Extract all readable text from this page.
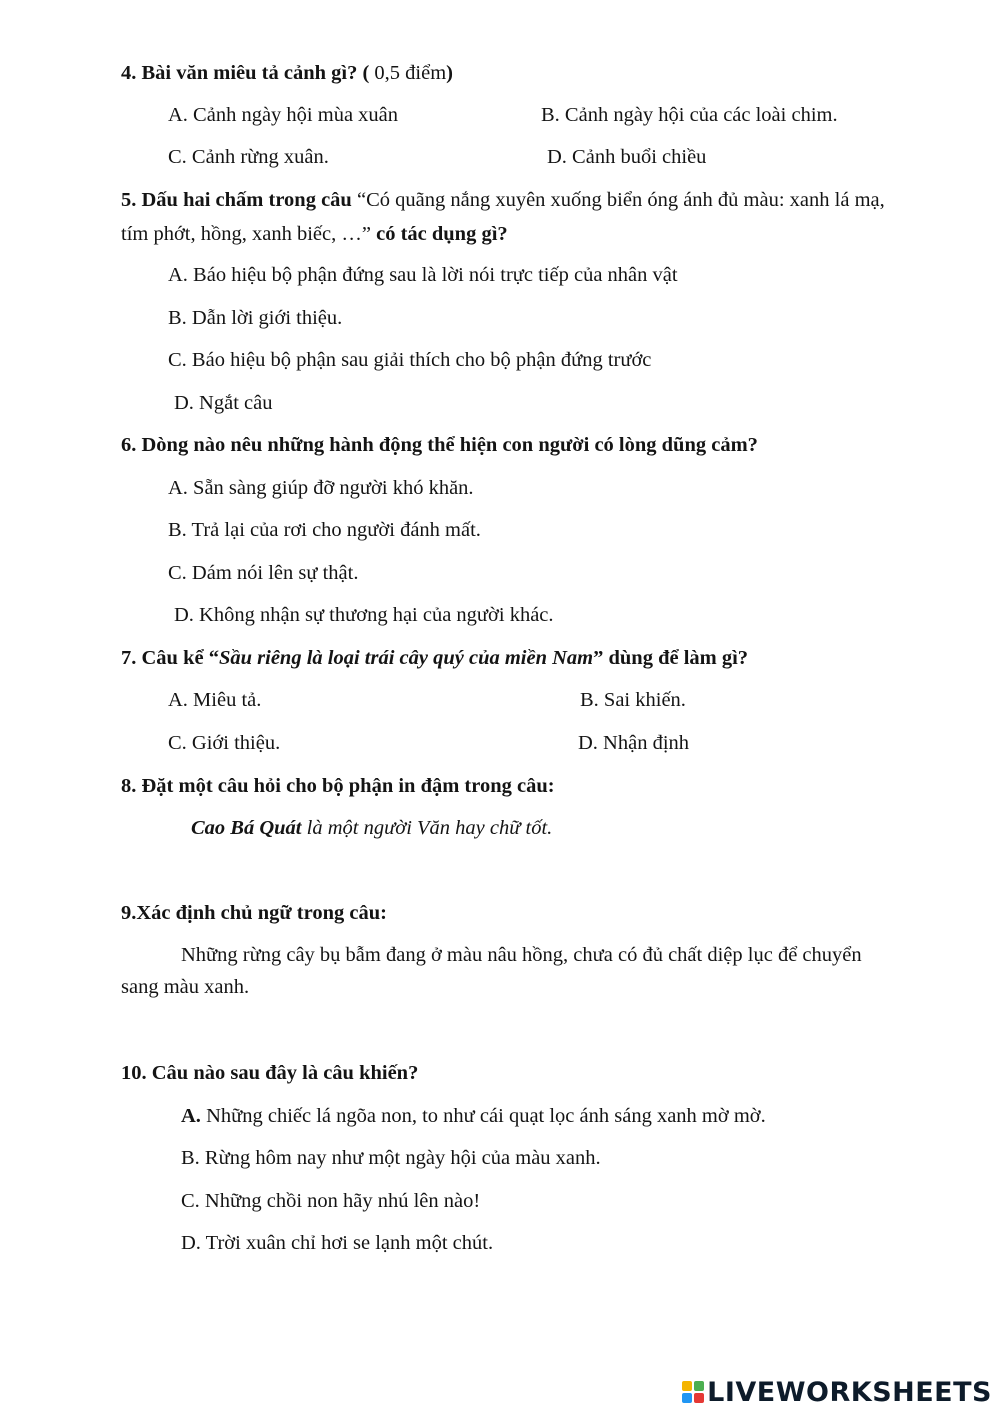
4. Bài văn miêu tả cảnh gì? ( 0,5 điểm)
A. Cảnh ngày hội mùa xuân	B. Cảnh ngày hội của các loài chim.
C. Cảnh rừng xuân.	D. Cảnh buổi chiều
5. Dấu hai chấm trong câu “Có quãng nắng xuyên xuống biển óng ánh đủ màu: xanh lá mạ, tím phớt, hồng, xanh biếc, …” có tác dụng gì?
A. Báo hiệu bộ phận đứng sau là lời nói trực tiếp của nhân vật
B. Dẫn lời giới thiệu.
C. Báo hiệu bộ phận sau giải thích cho bộ phận đứng trước
D. Ngắt câu
6. Dòng nào nêu những hành động thể hiện con người có lòng dũng cảm?
A. Sẵn sàng giúp đỡ người khó khăn.
B. Trả lại của rơi cho người đánh mất.
C. Dám nói lên sự thật.
D. Không nhận sự thương hại của người khác.
7. Câu kể “Sầu riêng là loại trái cây quý của miền Nam” dùng để làm gì?
A. Miêu tả.	B. Sai khiến.
C. Giới thiệu.	D. Nhận định
8. Đặt một câu hỏi cho bộ phận in đậm trong câu:
Cao Bá Quát là một người Văn hay chữ tốt.
9.Xác định chủ ngữ trong câu:
Những rừng cây bụ bẫm đang ở màu nâu hồng, chưa có đủ chất diệp lục để chuyển sang màu xanh.
10. Câu nào sau đây là câu khiến?
A. Những chiếc lá ngõa non, to như cái quạt lọc ánh sáng xanh mờ mờ.
B. Rừng hôm nay như một ngày hội của màu xanh.
C. Những chồi non hãy nhú lên nào!
D. Trời xuân chỉ hơi se lạnh một chút.
LIVEWORKSHEETS
